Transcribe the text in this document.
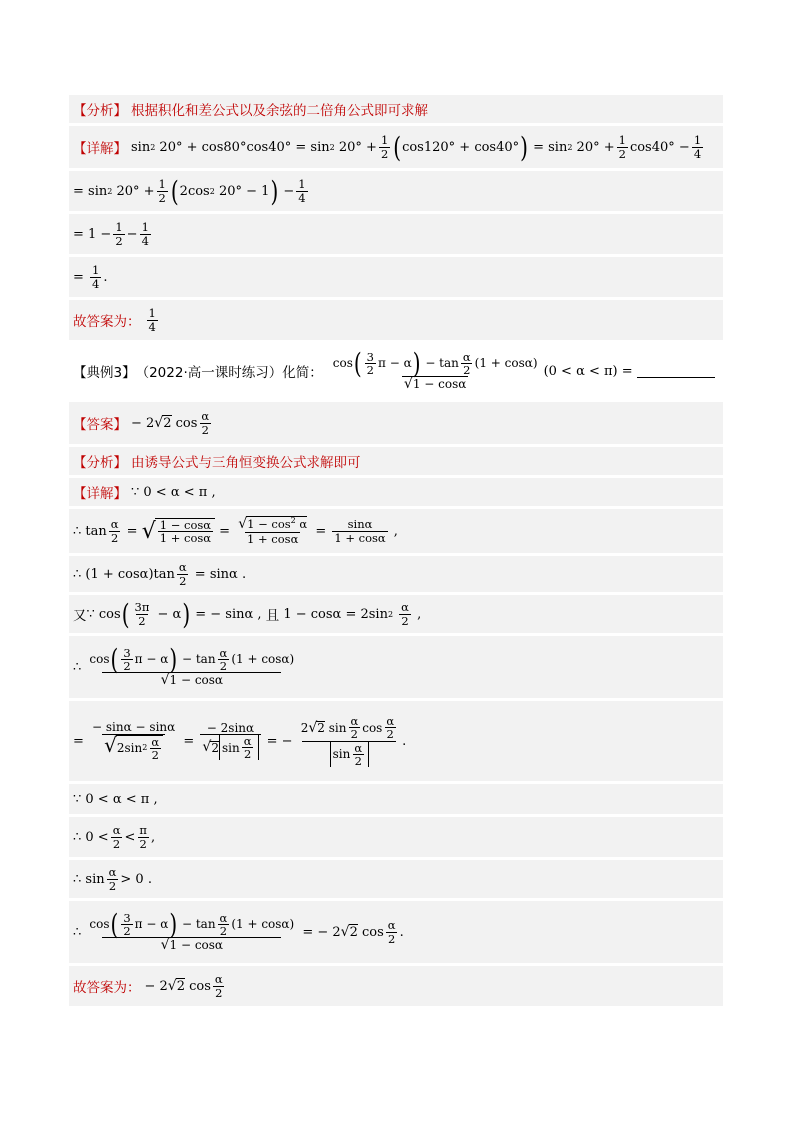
【分析】 根据积化和差公式以及余弦的二倍角公式即可求解
【详解】 sin 2 20° + cos80°cos40° = sin 2 $20^\circ + \frac{1}{2}$ ( cos120° + cos40° ) = sin 2 $20^\circ + \frac{1}{2} \cos 40^\circ - \frac{1}{4}$
= sin 2 $20^\circ + \frac{1}{2}$ ( 2cos 2 20° − 1 ) − $\frac{1}{4}$
= $1 - \frac{1}{2} - \frac{1}{4}$
= $\frac{1}{4}$ .
故答案为： $\frac{1}{4}$
【典例3】 （2022·高一课时练习）化简： $\frac{\cos ( \frac{3}{2} \pi - \alpha ) - \tan \frac{\alpha}{2} (1 + \cos\alpha)}{√1 - \cos\alpha} (0 < \alpha < \pi)$ =
【答案】 − 2 √ 2 $\cos \frac{\alpha}{2}$
【分析】 由诱导公式与三角恒变换公式求解即可
【详解】 ∵ 0 < α < π ,
∴ $\tan \frac{\alpha}{2}$ = √ $\frac{1 - \cos\alpha}{1 + \cos\alpha} = \frac{√1 - \cos^2 \alpha}{1 + \cos\alpha} = \frac{\sin\alpha}{1 + \cos\alpha}$ ,
∴ $(1 + \cos\alpha)\tan \frac{\alpha}{2} = \sin\alpha$ .
又 ∵ cos ( $\frac{3\pi}{2} - \alpha$ ) = − sinα , 且 1 − cosα = 2sin 2
$\frac{\alpha}{2}$ ,
∴ $\frac{\cos ( \frac{3}{2} \pi - \alpha ) - \tan \frac{\alpha}{2} (1 + \cos\alpha)}{√1 - \cos\alpha}$
= $\frac{- \sin\alpha - \sin\alpha}{√2\sin 2 \frac{\alpha}{2}} = \frac{- 2\sin\alpha}{√ 2 \sin \frac{\alpha}{2}}$ = − $\frac{2 √ 2 \sin \frac{\alpha}{2} \cos \frac{\alpha}{2}}{\sin \frac{\alpha}{2}}$ .
∵ 0 < α < π ,
∴ $0 < \frac{\alpha}{2} < \frac{\pi}{2}$ ,
∴ $\sin \frac{\alpha}{2} > 0$ .
∴ $\frac{\cos ( \frac{3}{2} \pi - \alpha ) - \tan \frac{\alpha}{2} (1 + \cos\alpha)}{√1 - \cos\alpha}$ = − 2 √ 2 $\cos \frac{\alpha}{2}$ .
故答案为： − 2 √ 2 $\cos \frac{\alpha}{2}$
